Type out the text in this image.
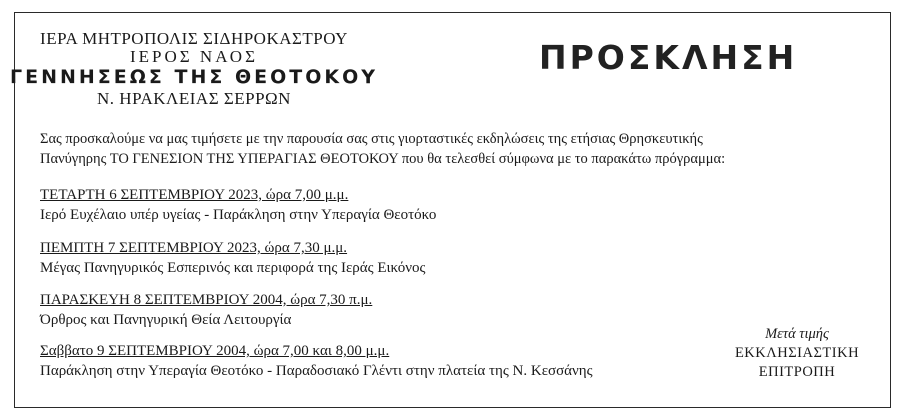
ΙΕΡΑ ΜΗΤΡΟΠΟΛΙΣ ΣΙΔΗΡΟΚΑΣΤΡΟΥ
ΙΕΡΟΣ ΝΑΟΣ
ΓΕΝΝΗΣΕΩΣ ΤΗΣ ΘΕΟΤΟΚΟΥ
Ν. ΗΡΑΚΛΕΙΑΣ ΣΕΡΡΩΝ
ΠΡΟΣΚΛΗΣΗ
Σας προσκαλούμε να μας τιμήσετε με την παρουσία σας στις γιορταστικές εκδηλώσεις της ετήσιας Θρησκευτικής
Πανύγηρης ΤΟ ΓΕΝΕΣΙΟΝ ΤΗΣ ΥΠΕΡΑΓΙΑΣ ΘΕΟΤΟΚΟΥ που θα τελεσθεί σύμφωνα με το παρακάτω πρόγραμμα:
ΤΕΤΑΡΤΗ 6 ΣΕΠΤΕΜΒΡΙΟΥ 2023, ώρα 7,00 μ.μ.
Ιερό Ευχέλαιο υπέρ υγείας - Παράκληση στην Υπεραγία Θεοτόκο
ΠΕΜΠΤΗ 7 ΣΕΠΤΕΜΒΡΙΟΥ 2023, ώρα 7,30 μ.μ.
Μέγας Πανηγυρικός Εσπερινός και περιφορά της Ιεράς Εικόνος
ΠΑΡΑΣΚΕΥΗ 8 ΣΕΠΤΕΜΒΡΙΟΥ 2004, ώρα 7,30 π.μ.
Όρθρος και Πανηγυρική Θεία Λειτουργία
Σαββατο 9 ΣΕΠΤΕΜΒΡΙΟΥ 2004, ώρα 7,00 και 8,00 μ.μ.
Παράκληση στην Υπεραγία Θεοτόκο - Παραδοσιακό Γλέντι στην πλατεία της Ν. Κεσσάνης
Μετά τιμής
ΕΚΚΛΗΣΙΑΣΤΙΚΗ
ΕΠΙΤΡΟΠΗ
